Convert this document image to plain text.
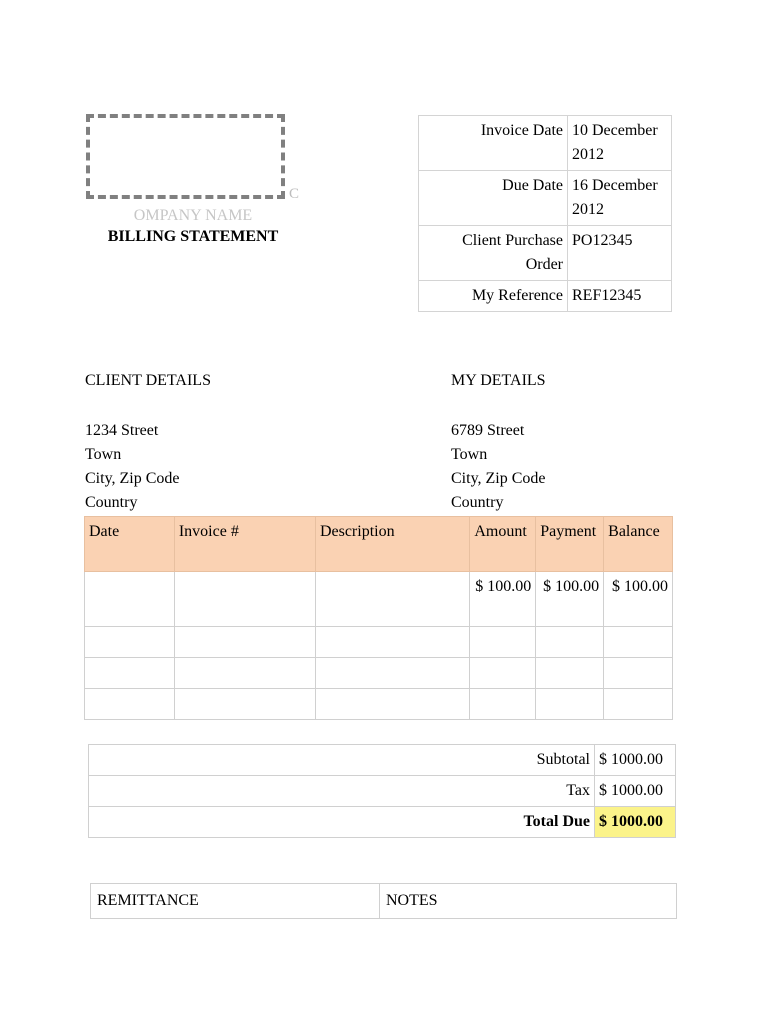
C
OMPANY NAME
BILLING STATEMENT
Invoice Date	10 December 2012
Due Date	16 December 2012
Client Purchase Order	PO12345
My Reference	REF12345
CLIENT DETAILS	MY DETAILS
1234 Street
Town
City, Zip Code
Country
6789 Street
Town
City, Zip Code
Country
Date	Invoice #	Description	Amount	Payment	Balance
			$ 100.00	$ 100.00	$ 100.00

Subtotal	$ 1000.00
Tax	$ 1000.00
Total Due	$ 1000.00
REMITTANCE	NOTES
